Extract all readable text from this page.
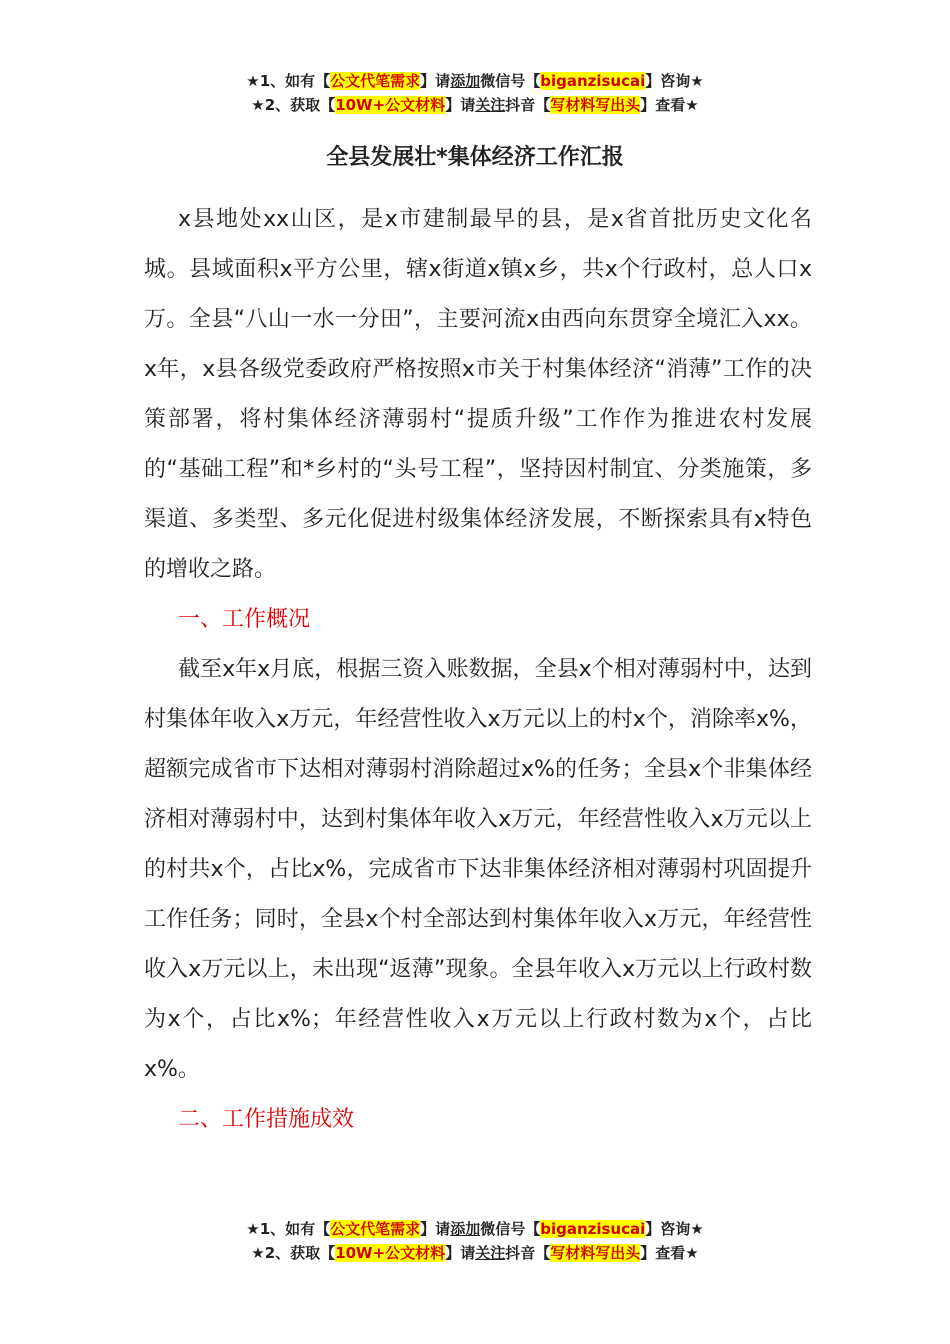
★1、如有【公文代笔需求】请添加微信号【biganzisucai】咨询★
★2、获取【10W+公文材料】请关注抖音【写材料写出头】查看★
全县发展壮*集体经济工作汇报

x县地处xx山区，是x市建制最早的县，是x省首批历史文化名城。县域面积x平方公里，辖x街道x镇x乡，共x个行政村，总人口x万。全县“八山一水一分田”，主要河流x由西向东贯穿全境汇入xx。x年，x县各级党委政府严格按照x市关于村集体经济“消薄”工作的决策部署，将村集体经济薄弱村“提质升级”工作作为推进农村发展的“基础工程”和*乡村的“头号工程”，坚持因村制宜、分类施策，多渠道、多类型、多元化促进村级集体经济发展，不断探索具有x特色的增收之路。

一、工作概况

截至x年x月底，根据三资入账数据，全县x个相对薄弱村中，达到村集体年收入x万元，年经营性收入x万元以上的村x个，消除率x%，超额完成省市下达相对薄弱村消除超过x%的任务；全县x个非集体经济相对薄弱村中，达到村集体年收入x万元，年经营性收入x万元以上的村共x个，占比x%，完成省市下达非集体经济相对薄弱村巩固提升工作任务；同时，全县x个村全部达到村集体年收入x万元，年经营性收入x万元以上，未出现“返薄”现象。全县年收入x万元以上行政村数为x个，占比x%；年经营性收入x万元以上行政村数为x个，占比x%。

二、工作措施成效

★1、如有【公文代笔需求】请添加微信号【biganzisucai】咨询★
★2、获取【10W+公文材料】请关注抖音【写材料写出头】查看★
